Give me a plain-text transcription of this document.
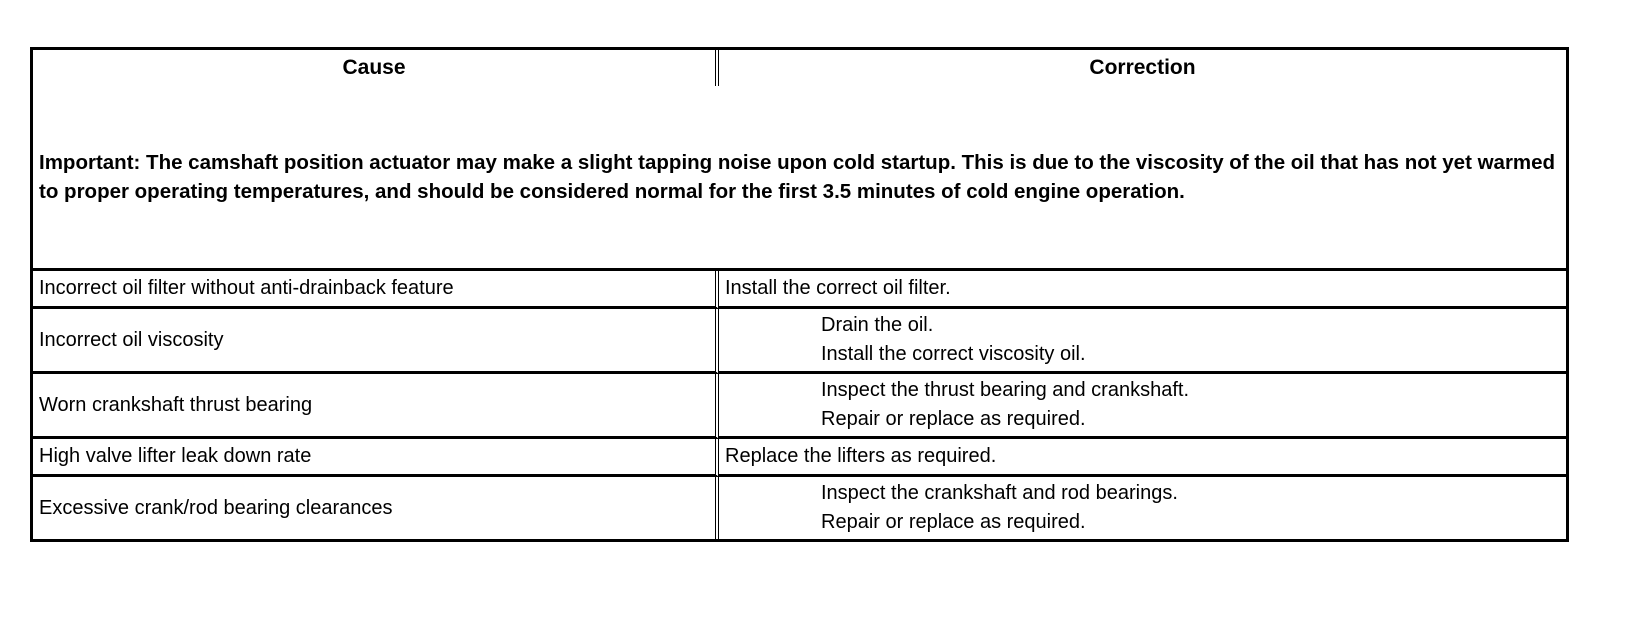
Cause	Correction
Important: The camshaft position actuator may make a slight tapping noise upon cold startup. This is due to the viscosity of the oil that has not yet warmed to proper operating temperatures, and should be considered normal for the first 3.5 minutes of cold engine operation.	
Incorrect oil filter without anti-drainback feature	Install the correct oil filter.
Incorrect oil viscosity	Drain the oil.
Install the correct viscosity oil.

Worn crankshaft thrust bearing	Inspect the thrust bearing and crankshaft.
Repair or replace as required.

High valve lifter leak down rate	Replace the lifters as required.
Excessive crank/rod bearing clearances	Inspect the crankshaft and rod bearings.
Repair or replace as required.
